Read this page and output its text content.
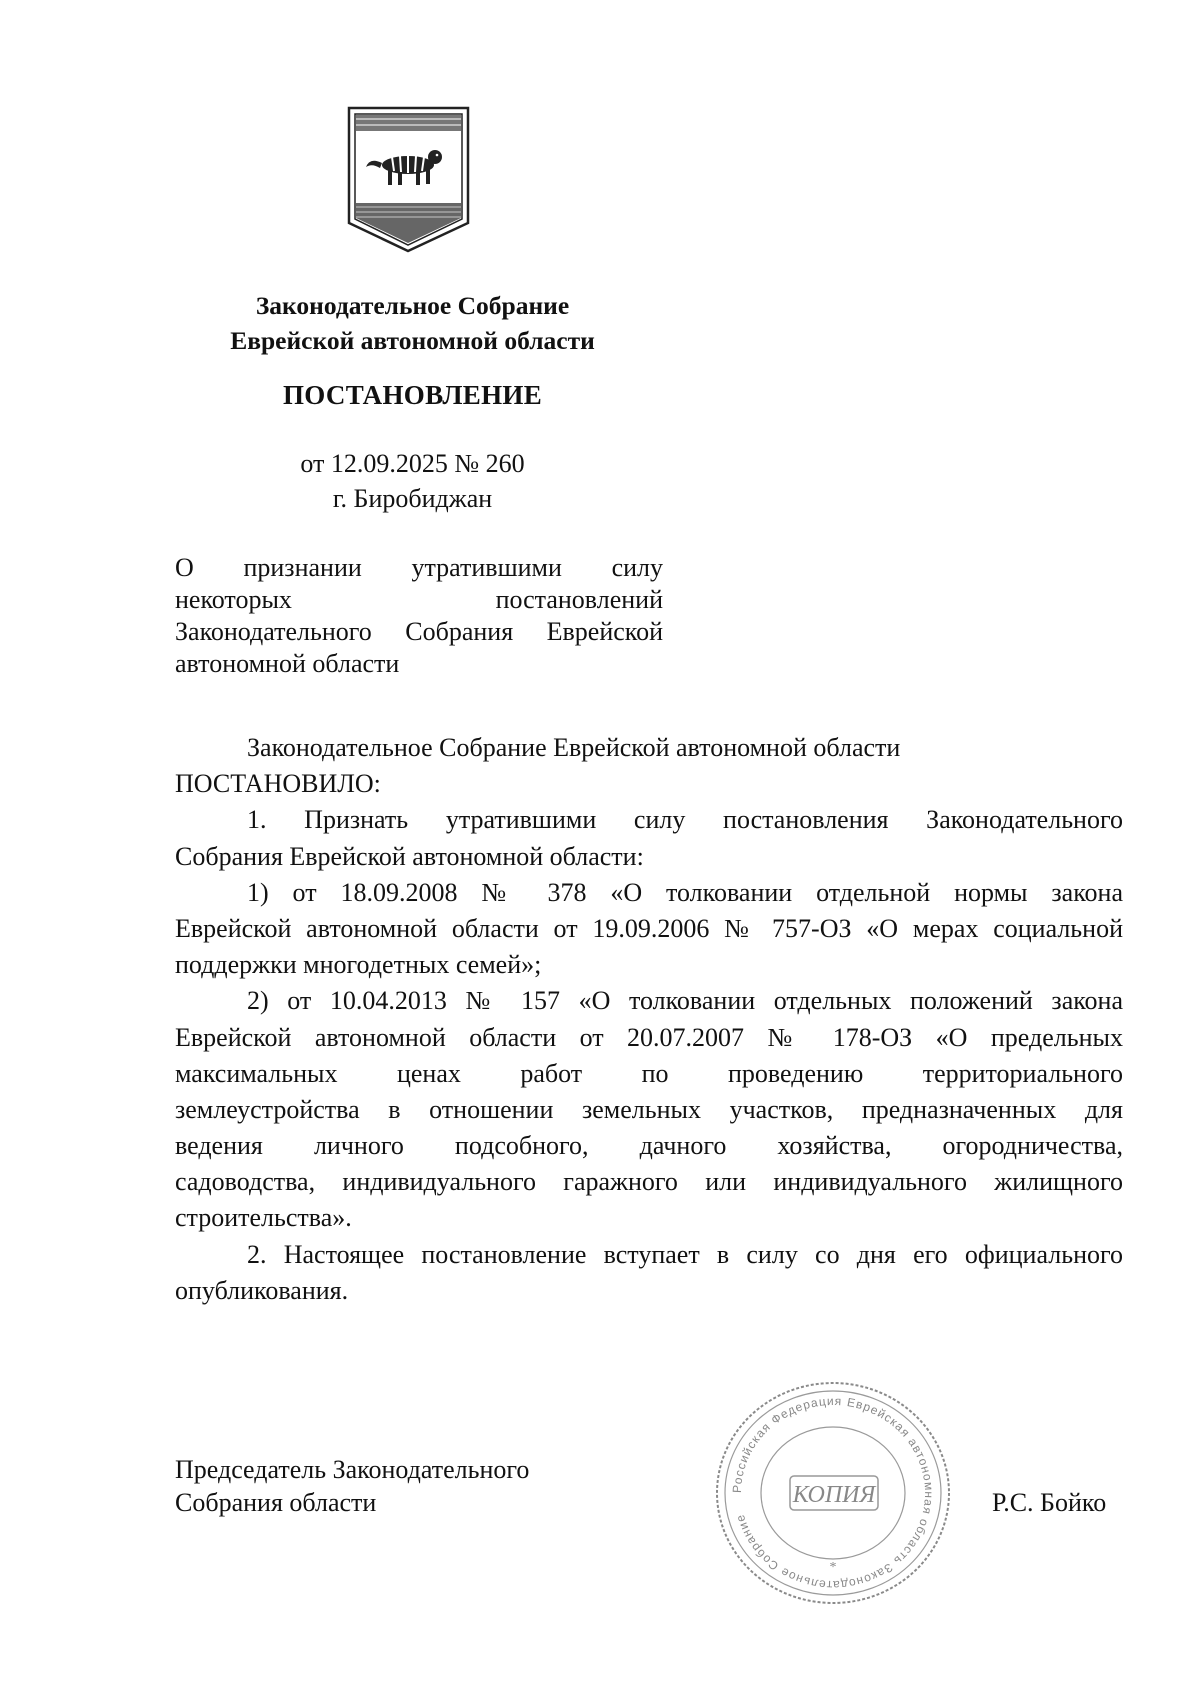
Законодательное Собрание
Еврейской автономной области
ПОСТАНОВЛЕНИЕ
от 12.09.2025 № 260
г. Биробиджан
О признании утратившими силу
некоторых постановлений
Законодательного Собрания Еврейской
автономной области
Законодательное Собрание Еврейской автономной области
ПОСТАНОВИЛО:
1. Признать утратившими силу постановления Законодательного
Собрания Еврейской автономной области:
1) от 18.09.2008 № 378 «О толковании отдельной нормы закона
Еврейской автономной области от 19.09.2006 № 757-ОЗ «О мерах социальной
поддержки многодетных семей»;
2) от 10.04.2013 № 157 «О толковании отдельных положений закона
Еврейской автономной области от 20.07.2007 № 178-ОЗ «О предельных
максимальных ценах работ по проведению территориального
землеустройства в отношении земельных участков, предназначенных для
ведения личного подсобного, дачного хозяйства, огородничества,
садоводства, индивидуального гаражного или индивидуального жилищного
строительства».
2. Настоящее постановление вступает в силу со дня его официального
опубликования.
Председатель Законодательного
Собрания области	Р.С. Бойко
Российская Федерация Еврейская автономная область Законодательное Собрание
КОПИЯ
*
